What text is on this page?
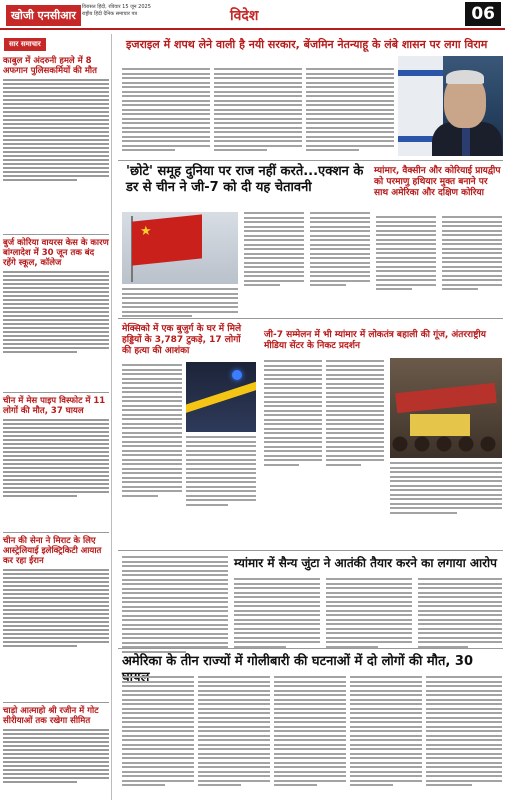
खोजी एनसीआर
विरासत हिंदी, रविवार 15 जून 2025
राष्ट्रीय हिंदी दैनिक समाचार पत्र	विदेश	06
सार समाचार
काबुल में अंदरुनी हमले में 8 अफगान पुलिसकर्मियों की मौत
बुर्ज कोरिया वायरस केस के कारण बांग्लादेश में 30 जून तक बंद रहेंगे स्कूल, कॉलेज
चीन में मेस पाइप विस्फोट में 11 लोगों की मौत, 37 घायल
चीन की सेना ने मिराट के लिए आस्ट्रेलियाई इलेक्ट्रिकिटी आयात कर रहा ईरान
चाड़ो आत्माहो श्री रजीन में गोट सीरीयाओं तक रखेगा सीमित
इजराइल में शपथ लेने वाली है नयी सरकार, बेंजमिन नेतन्याहू के लंबे शासन पर लगा विराम
'छोटे' समूह दुनिया पर राज नहीं करते...एक्शन के डर से चीन ने जी-7 को दी यह चेतावनी
★
म्यांमार, वैक्सीन और कोरियाई प्रायद्वीप को परमाणु हथियार मुक्त बनाने पर साथ अमेरिका और दक्षिण कोरिया
मेक्सिको में एक बुजुर्ग के घर में मिले हड्डियों के 3,787 टुकड़े, 17 लोगों की हत्या की आशंका
जी-7 सम्मेलन में भी म्यांमार में लोकतंत्र बहाली की गूंज, अंतरराष्ट्रीय मीडिया सेंटर के निकट प्रदर्शन
म्यांमार में सैन्य जुंटा ने आतंकी तैयार करने का लगाया आरोप
अमेरिका के तीन राज्यों में गोलीबारी की घटनाओं में दो लोगों की मौत, 30
